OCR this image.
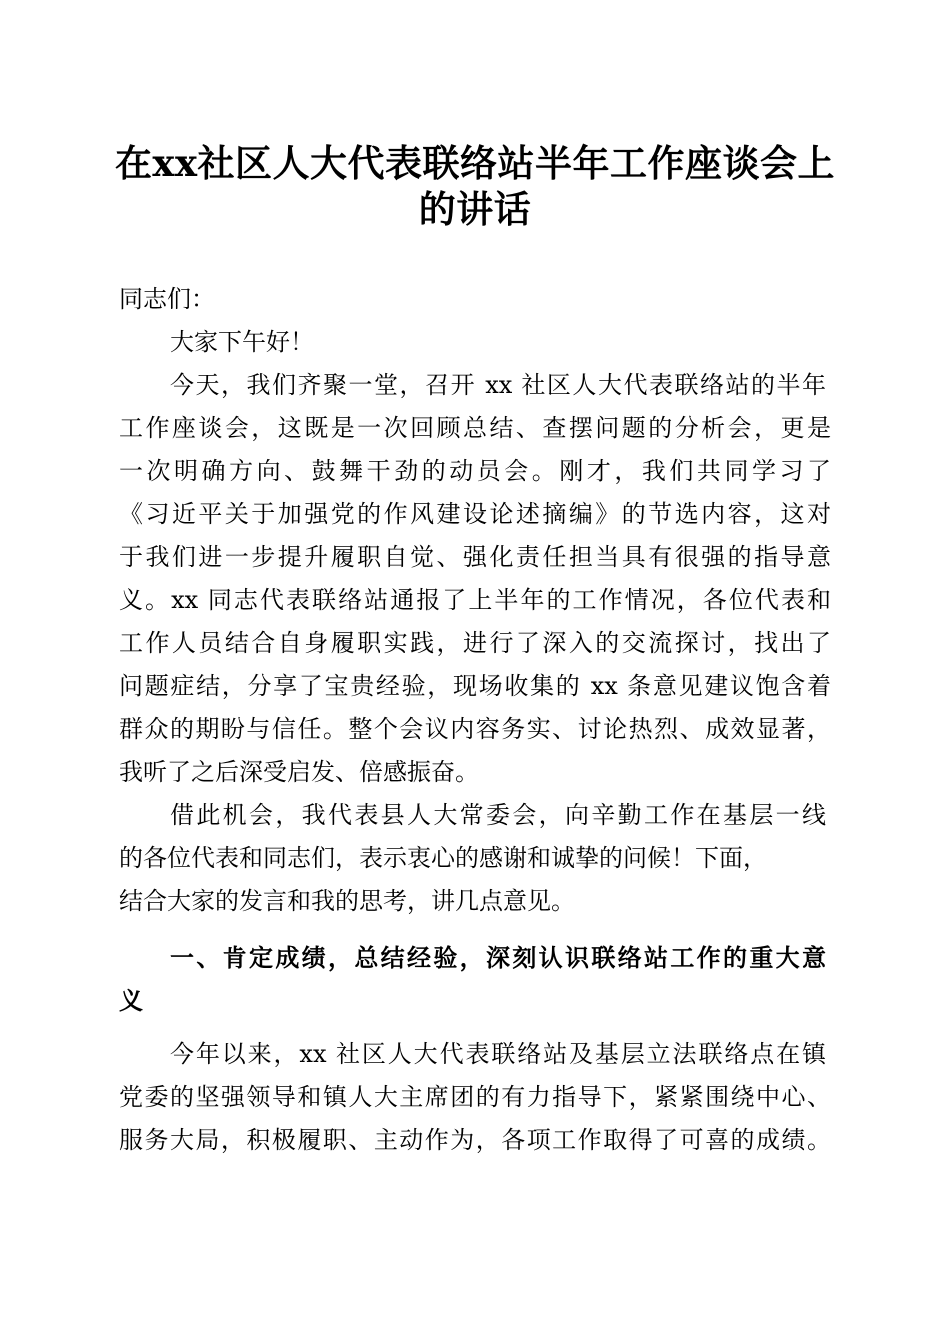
在xx社区人大代表联络站半年工作座谈会上
的讲话
同志们：
大家下午好！
今天，我们齐聚一堂，召开 xx 社区人大代表联络站的半年
工作座谈会，这既是一次回顾总结、查摆问题的分析会，更是
一次明确方向、鼓舞干劲的动员会。刚才，我们共同学习了
《习近平关于加强党的作风建设论述摘编》的节选内容，这对
于我们进一步提升履职自觉、强化责任担当具有很强的指导意
义。xx 同志代表联络站通报了上半年的工作情况，各位代表和
工作人员结合自身履职实践，进行了深入的交流探讨，找出了
问题症结，分享了宝贵经验，现场收集的 xx 条意见建议饱含着
群众的期盼与信任。整个会议内容务实、讨论热烈、成效显著，
我听了之后深受启发、倍感振奋。
借此机会，我代表县人大常委会，向辛勤工作在基层一线
的各位代表和同志们，表示衷心的感谢和诚挚的问候！下面，
结合大家的发言和我的思考，讲几点意见。
一、肯定成绩，总结经验，深刻认识联络站工作的重大意
义
今年以来，xx 社区人大代表联络站及基层立法联络点在镇
党委的坚强领导和镇人大主席团的有力指导下，紧紧围绕中心、
服务大局，积极履职、主动作为，各项工作取得了可喜的成绩。
